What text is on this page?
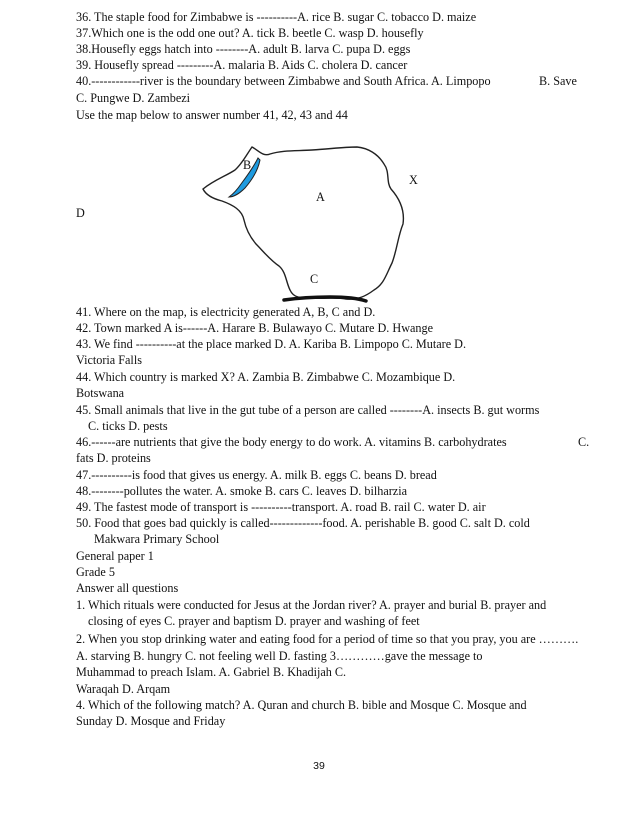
36. The staple food for Zimbabwe is ----------A. rice B. sugar C. tobacco D. maize
37.Which one is the odd one out? A. tick B. beetle C. wasp D. housefly
38.Housefly eggs hatch into --------A. adult B. larva C. pupa D. eggs
39. Housefly spread ---------A. malaria B. Aids C. cholera D. cancer
40.------------river is the boundary between Zimbabwe and South Africa. A. Limpopo	B. Save
C. Pungwe D. Zambezi
Use the map below to answer number 41, 42, 43 and 44
B
X
A
D
C
41. Where on the map, is electricity generated A, B, C and D.
42. Town marked A is------A. Harare B. Bulawayo C. Mutare D. Hwange
43. We find ----------at the place marked D. A. Kariba B. Limpopo C. Mutare D.
Victoria Falls
44. Which country is marked X? A. Zambia B. Zimbabwe C. Mozambique D.
Botswana
45. Small animals that live in the gut tube of a person are called --------A. insects B. gut worms
C. ticks D. pests
46.------are nutrients that give the body energy to do work. A. vitamins B. carbohydrates	C.
fats D. proteins
47.----------is food that gives us energy. A. milk B. eggs C. beans D. bread
48.--------pollutes the water. A. smoke B. cars C. leaves D. bilharzia
49. The fastest mode of transport is ----------transport. A. road B. rail C. water D. air
50. Food that goes bad quickly is called-------------food. A. perishable B. good C. salt D. cold
Makwara Primary School
General paper 1
Grade 5
Answer all questions
1. Which rituals were conducted for Jesus at the Jordan river? A. prayer and burial B. prayer and
closing of eyes C. prayer and baptism D. prayer and washing of feet
2. When you stop drinking water and eating food for a period of time so that you pray, you are ……….
A. starving B. hungry C. not feeling well D. fasting 3…………gave the message to
Muhammad to preach Islam. A. Gabriel B. Khadijah C.
Waraqah D. Arqam
4. Which of the following match? A. Quran and church B. bible and Mosque C. Mosque and
Sunday D. Mosque and Friday
39
